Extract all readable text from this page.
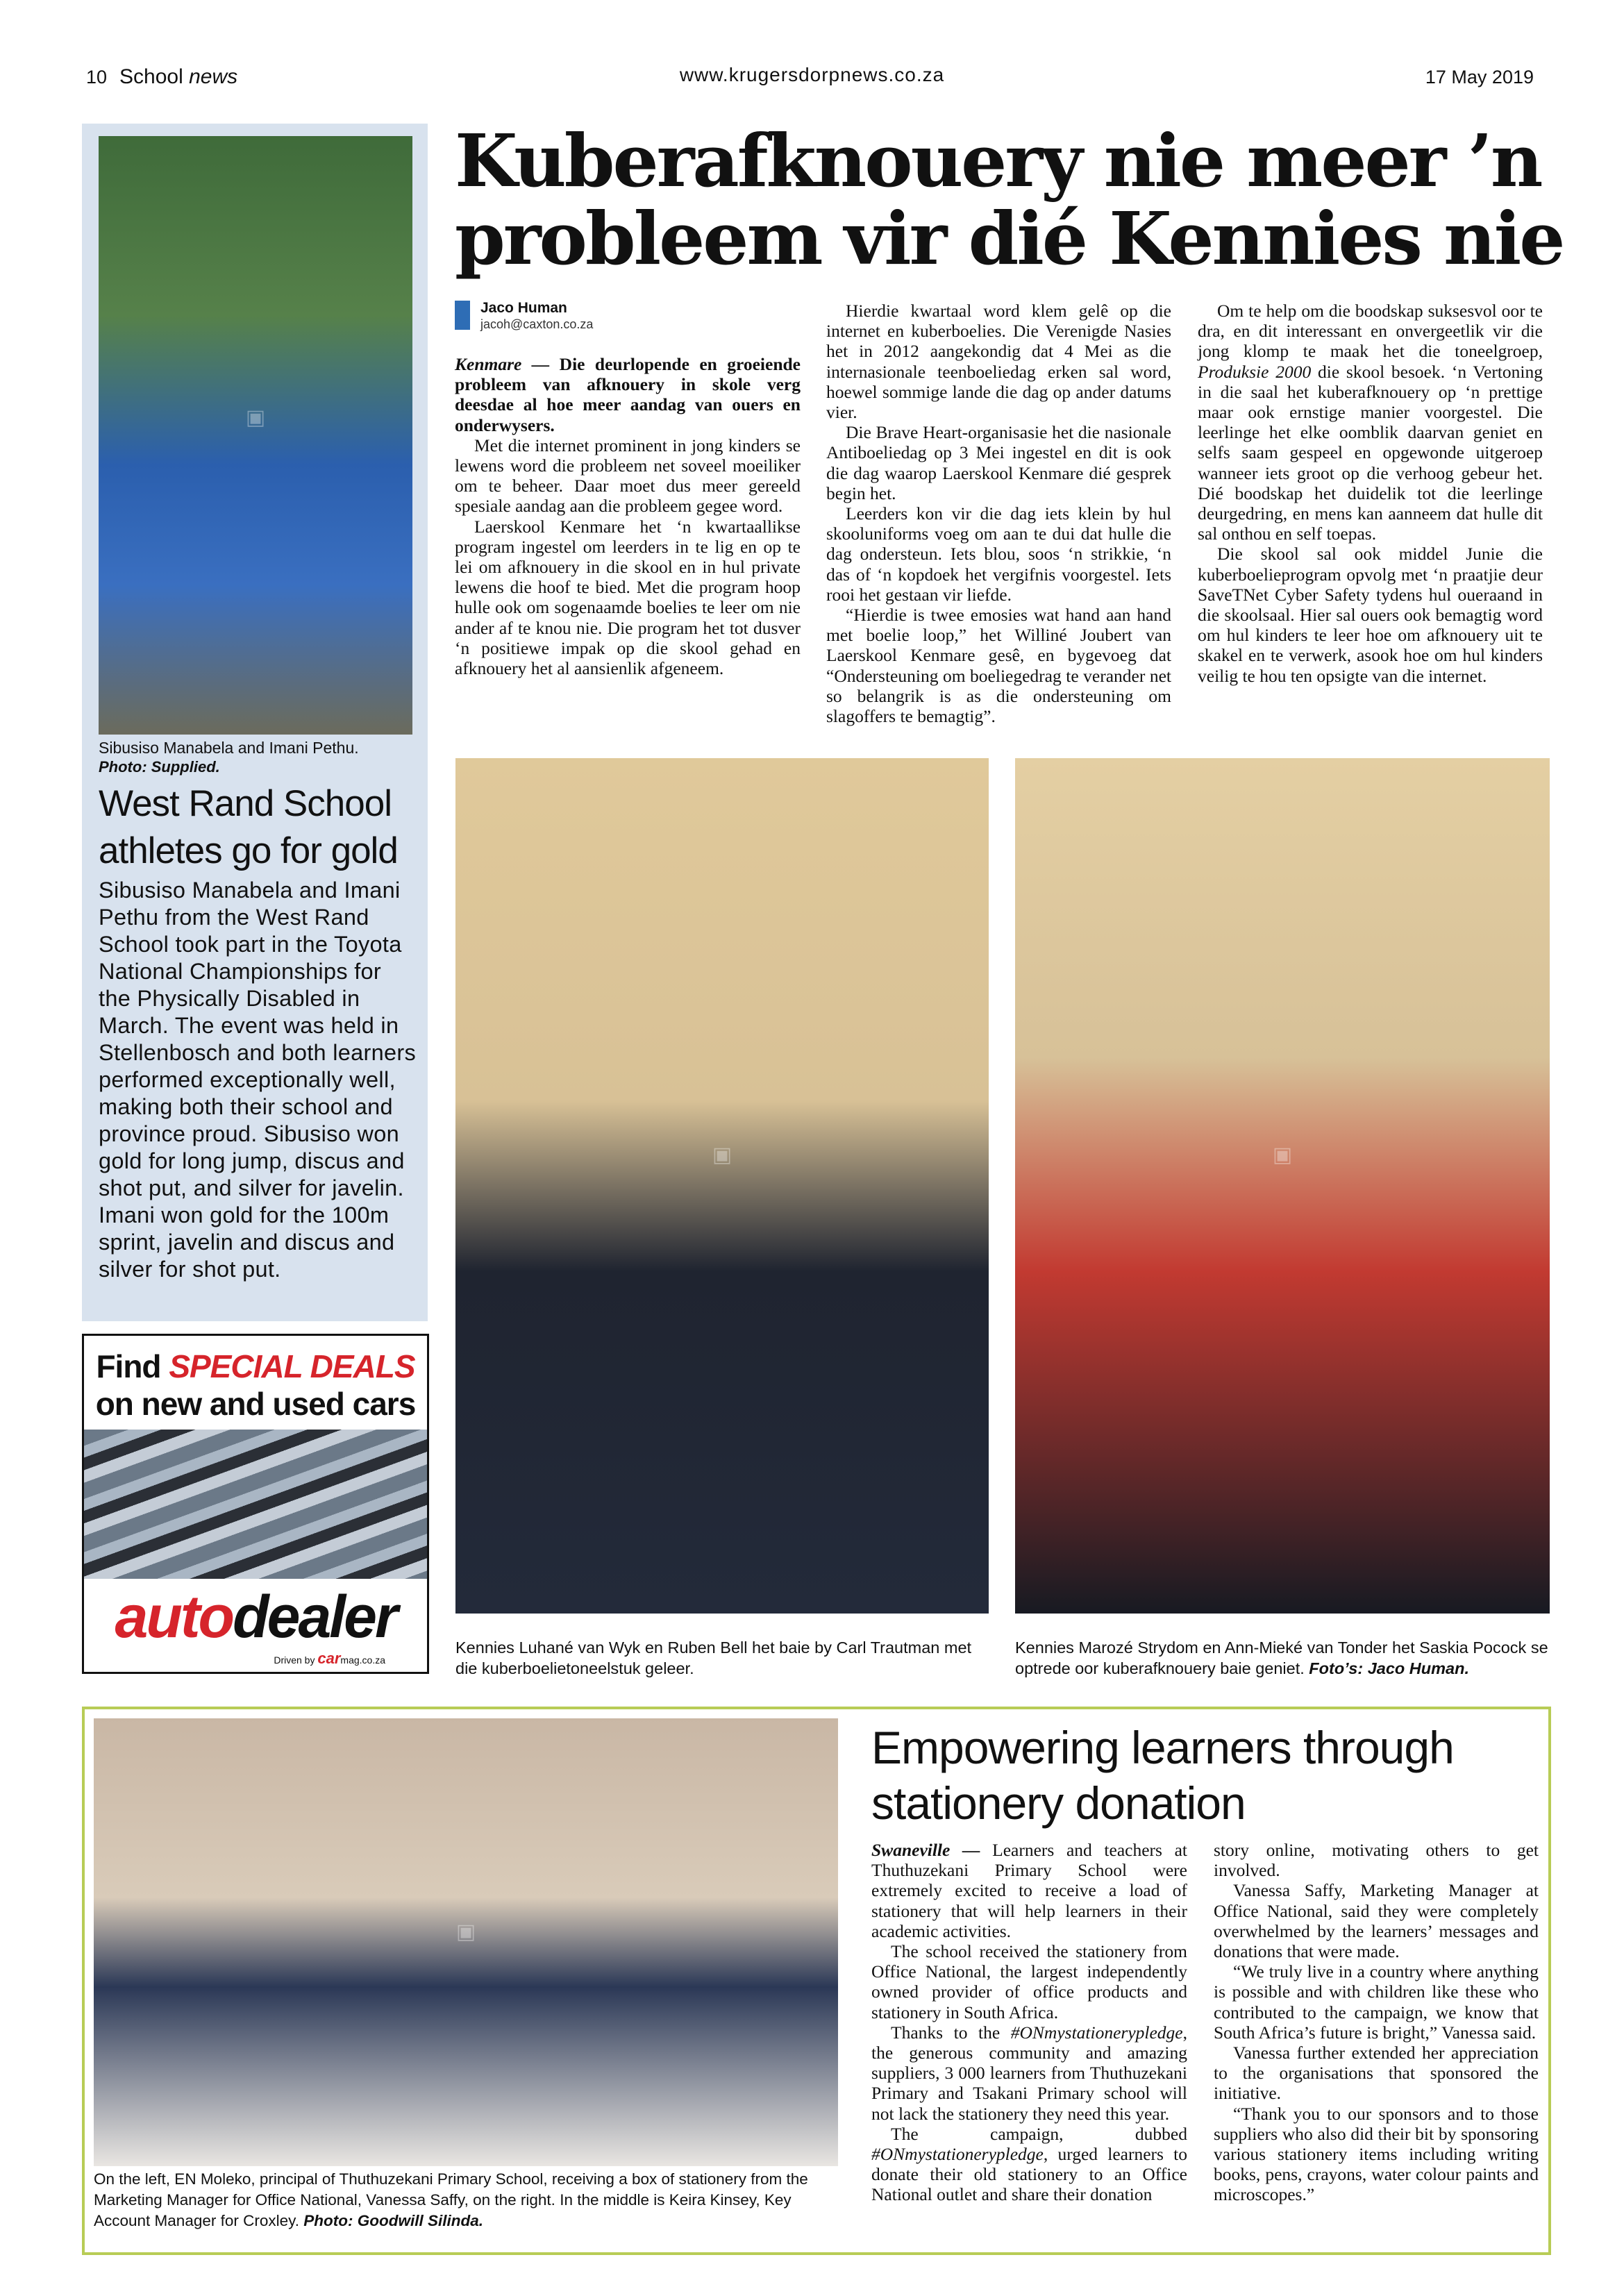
10 School news	www.krugersdorpnews.co.za	17 May 2019
▣
Sibusiso Manabela and Imani Pethu.
Photo: Supplied.
West Rand School athletes go for gold
Sibusiso Manabela and Imani Pethu from the West Rand School took part in the Toyota National Championships for the Physically Disabled in March. The event was held in Stellenbosch and both learners performed exceptionally well, making both their school and province proud. Sibusiso won gold for long jump, discus and shot put, and silver for javelin. Imani won gold for the 100m sprint, javelin and discus and silver for shot put.
Find SPECIAL DEALS
on new and used cars
autodealer
Driven by carmag.co.za
Kuberafknouery nie meer ’n probleem vir dié Kennies nie
Jaco Human
jacoh@caxton.co.za

Kenmare — Die deurlopende en groeiende probleem van afknouery in skole verg deesdae al hoe meer aandag van ouers en onderwysers.

Met die internet prominent in jong kinders se lewens word die probleem net soveel moeiliker om te beheer. Daar moet dus meer gereeld spesiale aandag aan die probleem gegee word.

Laerskool Kenmare het ‘n kwartaallikse program ingestel om leerders in te lig en op te lei om afknouery in die skool en in hul private lewens die hoof te bied. Met die program hoop hulle ook om sogenaamde boelies te leer om nie ander af te knou nie. Die program het tot dusver ‘n positiewe impak op die skool gehad en afknouery het al aansienlik afgeneem.

Hierdie kwartaal word klem gelê op die internet en kuberboelies. Die Verenigde Nasies het in 2012 aangekondig dat 4 Mei as die internasionale teenboeliedag erken sal word, hoewel sommige lande die dag op ander datums vier.

Die Brave Heart-organisasie het die nasionale Antiboeliedag op 3 Mei ingestel en dit is ook die dag waarop Laerskool Kenmare dié gesprek begin het.

Leerders kon vir die dag iets klein by hul skooluniforms voeg om aan te dui dat hulle die dag ondersteun. Iets blou, soos ‘n strikkie, ‘n das of ‘n kopdoek het vergifnis voorgestel. Iets rooi het gestaan vir liefde.

“Hierdie is twee emosies wat hand aan hand met boelie loop,” het Williné Joubert van Laerskool Kenmare gesê, en bygevoeg dat “Ondersteuning om boeliegedrag te verander net so belangrik is as die ondersteuning om slagoffers te bemagtig”.

Om te help om die boodskap suksesvol oor te dra, en dit interessant en onvergeetlik vir die jong klomp te maak het die toneelgroep, Produksie 2000 die skool besoek. ‘n Vertoning in die saal het kuberafknouery op ‘n prettige maar ook ernstige manier voorgestel. Die leerlinge het elke oomblik daarvan geniet en selfs saam gespeel en opgewonde uitgeroep wanneer iets groot op die verhoog gebeur het. Dié boodskap het duidelik tot die leerlinge deurgedring, en mens kan aanneem dat hulle dit sal onthou en self toepas.

Die skool sal ook middel Junie die kuberboelieprogram opvolg met ‘n praatjie deur SaveTNet Cyber Safety tydens hul oueraand in die skoolsaal. Hier sal ouers ook bemagtig word om hul kinders te leer hoe om afknouery uit te skakel en te verwerk, asook hoe om hul kinders veilig te hou ten opsigte van die internet.

▣	▣
Kennies Luhané van Wyk en Ruben Bell het baie by Carl Trautman met die kuberboelietoneelstuk geleer.
Kennies Marozé Strydom en Ann-Mieké van Tonder het Saskia Pocock se optrede oor kuberafknouery baie geniet. Foto’s: Jaco Human.
▣
On the left, EN Moleko, principal of Thuthuzekani Primary School, receiving a box of stationery from the Marketing Manager for Office National, Vanessa Saffy, on the right. In the middle is Keira Kinsey, Key Account Manager for Croxley. Photo: Goodwill Silinda.
Empowering learners through stationery donation

Swaneville — Learners and teachers at Thuthuzekani Primary School were extremely excited to receive a load of stationery that will help learners in their academic activities.

The school received the stationery from Office National, the largest independently owned provider of office products and stationery in South Africa.

Thanks to the #ONmystationerypledge, the generous community and amazing suppliers, 3 000 learners from Thuthuzekani Primary and Tsakani Primary school will not lack the stationery they need this year.

The campaign, dubbed #ONmystationerypledge, urged learners to donate their old stationery to an Office National outlet and share their donation

story online, motivating others to get involved.

Vanessa Saffy, Marketing Manager at Office National, said they were completely overwhelmed by the learners’ messages and donations that were made.

“We truly live in a country where anything is possible and with children like these who contributed to the campaign, we know that South Africa’s future is bright,” Vanessa said.

Vanessa further extended her appreciation to the organisations that sponsored the initiative.

“Thank you to our sponsors and to those suppliers who also did their bit by sponsoring various stationery items including writing books, pens, crayons, water colour paints and microscopes.”
